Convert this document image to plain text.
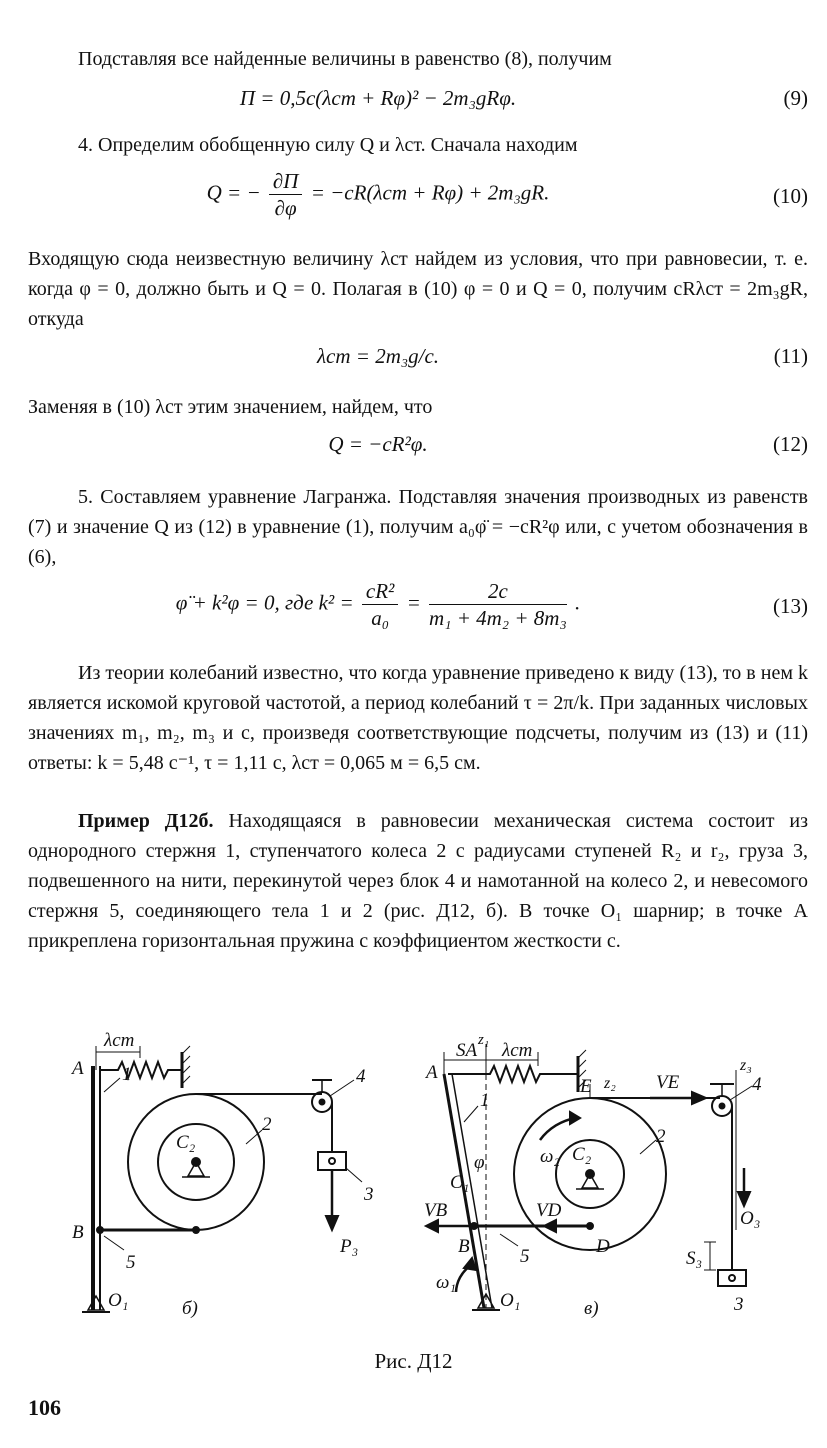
Подставляя все найденные величины в равенство (8), получим

П = 0,5c(λст + Rφ)² − 2m₃gRφ.	(9)

4. Определим обобщенную силу Q и λст. Сначала находим

Q = − $\frac{\partial П}{\partial\varphi} = -cR(\lambda ст + R\varphi) + 2m_3gR$.	(10)

Входящую сюда неизвестную величину λст найдем из условия, что при равновесии, т. е. когда φ = 0, должно быть и Q = 0. Полагая в (10) φ = 0 и Q = 0, получим cRλст = 2m₃gR, откуда

λст = 2m₃g/c.	(11)

Заменяя в (10) λст этим значением, найдем, что

Q = −cR²φ.	(12)

5. Составляем уравнение Лагранжа. Подставляя значения производных из равенств (7) и значение Q из (12) в уравнение (1), получим a₀φ̈ = −cR²φ или, с учетом обозначения в (6),

φ̈ + k²φ = 0, где $k^2 = \frac{\text{cR²}}{\text{a₀}} = \frac{2c}{\text{m₁ + 4m₂ + 8m₃}}$ .	(13)

Из теории колебаний известно, что когда уравнение приведено к виду (13), то в нем k является искомой круговой частотой, а период колебаний τ = 2π/k. При заданных числовых значениях m₁, m₂, m₃ и c, произведя соответствующие подсчеты, получим из (13) и (11) ответы: k = 5,48 с⁻¹, τ = 1,11 с, λст = 0,065 м = 6,5 см.

Пример Д12б. Находящаяся в равновесии механическая система состоит из однородного стержня 1, ступенчатого колеса 2 с радиусами ступеней R₂ и r₂, груза 3, подвешенного на нити, перекинутой через блок 4 и намотанной на колесо 2, и невесомого стержня 5, соединяющего тела 1 и 2 (рис. Д12, б). В точке O₁ шарнир; в точке A прикреплена горизонтальная пружина с коэффициентом жесткости c.

λст
A 1
2
4
C₂
B
5
3
P₃
O₁	б)
SA z₁ λст
A
1
E z₂ VE
z₃
4
2
ω₂
C₁
φ	C₂
VB	VD
B	D
5	S₃
O₃
3
ω₁
O₁	в)
Рис. Д12
106
